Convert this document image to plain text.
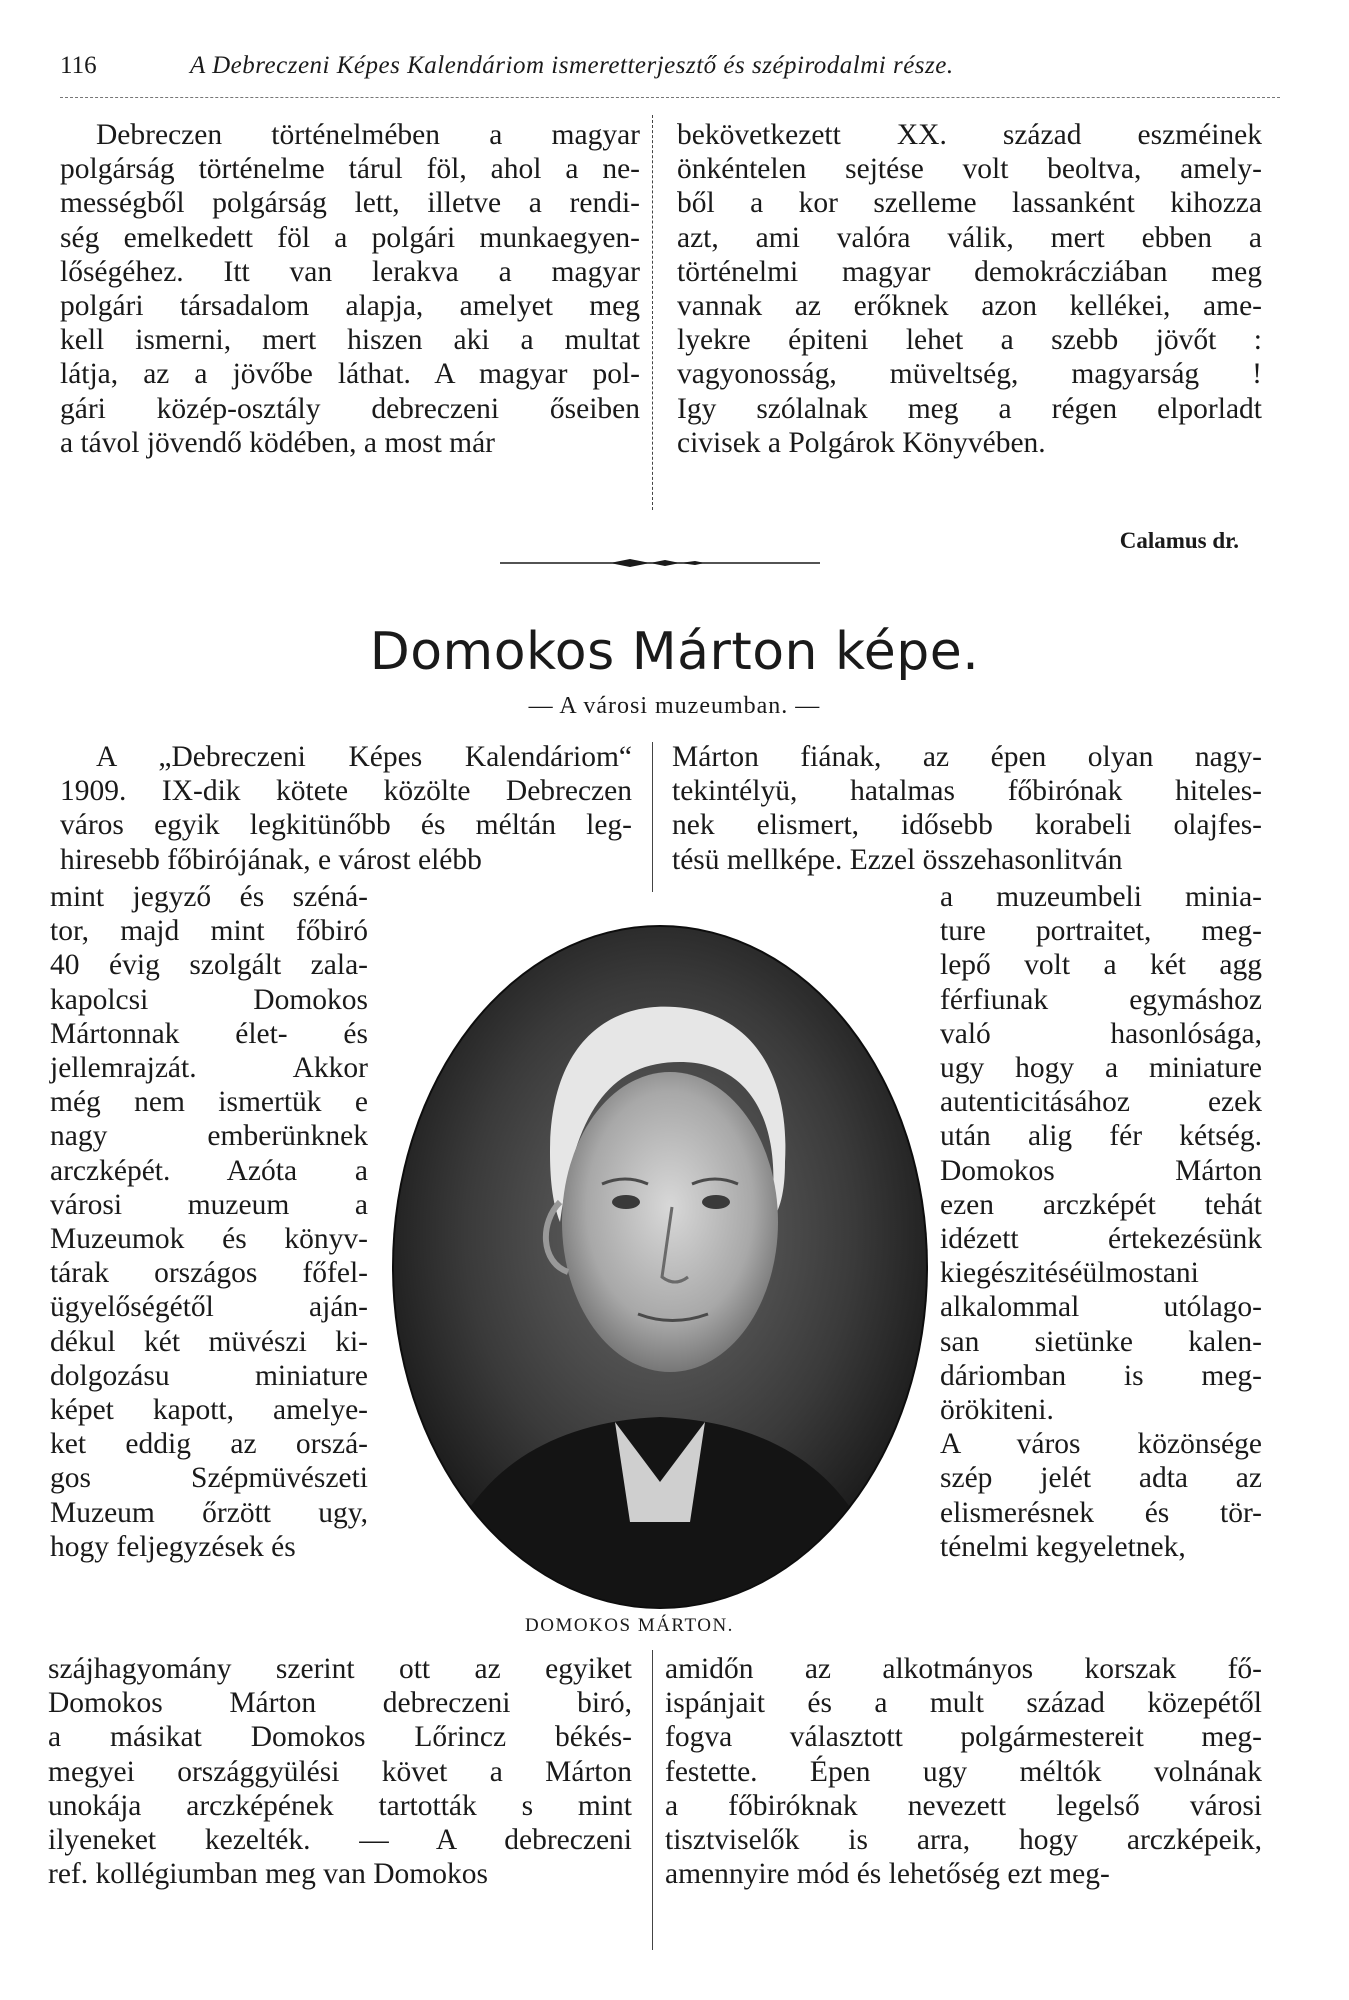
116	A Debreczeni Képes Kalendáriom ismeretterjesztő és szépirodalmi része.
Debreczen történelmében a magyar
polgárság történelme tárul föl, ahol a ne-
mességből polgárság lett, illetve a rendi-
ség emelkedett föl a polgári munkaegyen-
lőségéhez. Itt van lerakva a magyar
polgári társadalom alapja, amelyet meg
kell ismerni, mert hiszen aki a multat
látja, az a jövőbe láthat. A magyar pol-
gári közép-osztály debreczeni őseiben
a távol jövendő ködében, a most már
bekövetkezett XX. század eszméinek
önkéntelen sejtése volt beoltva, amely-
ből a kor szelleme lassanként kihozza
azt, ami valóra válik, mert ebben a
történelmi magyar demokrácziában meg
vannak az erőknek azon kellékei, ame-
lyekre épiteni lehet a szebb jövőt :
vagyonosság, müveltség, magyarság !
Igy szólalnak meg a régen elporladt
civisek a Polgárok Könyvében.
Calamus dr.
Domokos Márton képe.
— A városi muzeumban. —
A „Debreczeni Képes Kalendáriom“
1909. IX-dik kötete közölte Debreczen
város egyik legkitünőbb és méltán leg-
hiresebb főbirójának, e várost elébb
mint jegyző és széná-
tor, majd mint főbiró
40 évig szolgált zala-
kapolcsi Domokos
Mártonnak élet- és
jellemrajzát. Akkor
még nem ismertük e
nagy emberünknek
arczképét. Azóta a
városi muzeum a
Muzeumok és könyv-
tárak országos főfel-
ügyelőségétől aján-
dékul két müvészi ki-
dolgozásu miniature
képet kapott, amelye-
ket eddig az orszá-
gos Szépmüvészeti
Muzeum őrzött ugy,
hogy feljegyzések és
szájhagyomány szerint ott az egyiket
Domokos Márton debreczeni biró,
a másikat Domokos Lőrincz békés-
megyei országgyülési követ a Márton
unokája arczképének tartották s mint
ilyeneket kezelték. — A debreczeni
ref. kollégiumban meg van Domokos
Márton fiának, az épen olyan nagy-
tekintélyü, hatalmas főbirónak hiteles-
nek elismert, idősebb korabeli olajfes-
tésü mellképe. Ezzel összehasonlitván
a muzeumbeli minia-
ture portraitet, meg-
lepő volt a két agg
férfiunak egymáshoz
való hasonlósága,
ugy hogy a miniature
autenticitásához ezek
után alig fér kétség.
Domokos Márton
ezen arczképét tehát
idézett értekezésünk
kiegészitéséülmostani
alkalommal utólago-
san sietünke kalen-
dáriomban is meg-
örökiteni.
A város közönsége
szép jelét adta az
elismerésnek és tör-
ténelmi kegyeletnek,
amidőn az alkotmányos korszak fő-
ispánjait és a mult század közepétől
fogva választott polgármestereit meg-
festette. Épen ugy méltók volnának
a főbiróknak nevezett legelső városi
tisztviselők is arra, hogy arczképeik,
amennyire mód és lehetőség ezt meg-
DOMOKOS MÁRTON.
